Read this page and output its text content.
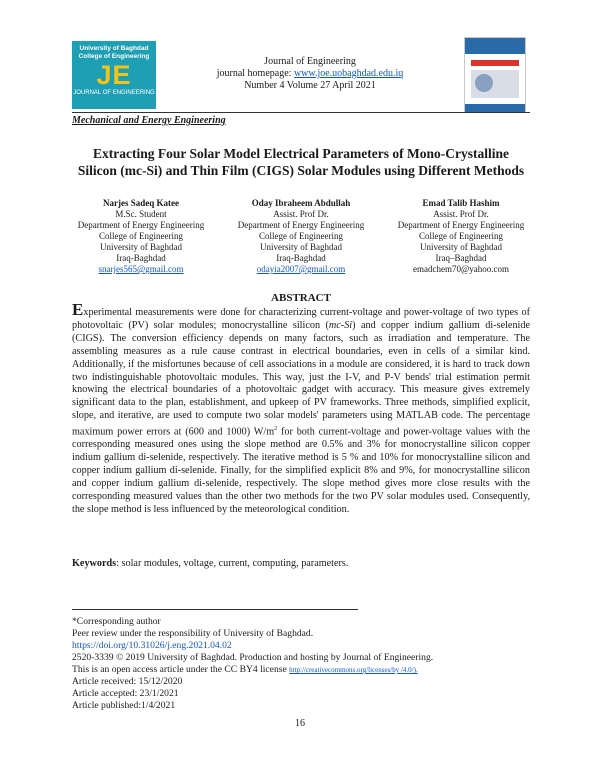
University of Baghdad
College of Engineering
JE
JOURNAL OF ENGINEERING
Journal of Engineering
journal homepage: www.joe.uobaghdad.edu.iq
Number 4 Volume 27 April 2021
Mechanical and Energy Engineering
Extracting Four Solar Model Electrical Parameters of Mono-Crystalline
Silicon (mc-Si) and Thin Film (CIGS) Solar Modules using Different Methods
Narjes Sadeq Katee
M.Sc. Student
Department of Energy Engineering
College of Engineering
University of Baghdad
Iraq-Baghdad
snarjes565@gmail.com
Oday Ibraheem Abdullah
Assist. Prof Dr.
Department of Energy Engineering
College of Engineering
University of Baghdad
Iraq-Baghdad
odayia2007@gmail.com
Emad Talib Hashim
Assist. Prof Dr.
Department of Energy Engineering
College of Engineering
University of Baghdad
Iraq–Baghdad
emadchem70@yahoo.com
ABSTRACT

Experimental measurements were done for characterizing current-voltage and power-voltage of two types of photovoltaic (PV) solar modules; monocrystalline silicon (mc-Si) and copper indium gallium di-selenide (CIGS). The conversion efficiency depends on many factors, such as irradiation and temperature. The assembling measures as a rule cause contrast in electrical boundaries, even in cells of a similar kind. Additionally, if the misfortunes because of cell associations in a module are considered, it is hard to track down two indistinguishable photovoltaic modules. This way, just the I-V, and P-V bends' trial estimation permit knowing the electrical boundaries of a photovoltaic gadget with accuracy. This measure gives extremely significant data to the plan, establishment, and upkeep of PV frameworks. Three methods, simplified explicit, slope, and iterative, are used to compute two solar models' parameters using MATLAB code. The percentage maximum power errors at (600 and 1000) $W/m^2$ for both current-voltage and power-voltage values with the corresponding measured ones using the slope method are 0.5% and 3% for monocrystalline silicon copper indium gallium di-selenide, respectively. The iterative method is 5 % and 10% for monocrystalline silicon and copper indium gallium di-selenide. Finally, for the simplified explicit 8% and 9%, for monocrystalline silicon and copper indium gallium di-selenide, respectively. The slope method gives more close results with the corresponding measured values than the other two methods for the two PV solar modules used. Consequently, the slope method is less influenced by the meteorological condition.

Keywords: solar modules, voltage, current, computing, parameters.
*Corresponding author
Peer review under the responsibility of University of Baghdad.
https://doi.org/10.31026/j.eng.2021.04.02
2520-3339 © 2019 University of Baghdad. Production and hosting by Journal of Engineering.
This is an open access article under the CC BY4 license http://creativecommons.org/licenses/by /4.0/).
Article received: 15/12/2020
Article accepted: 23/1/2021
Article published:1/4/2021
16
